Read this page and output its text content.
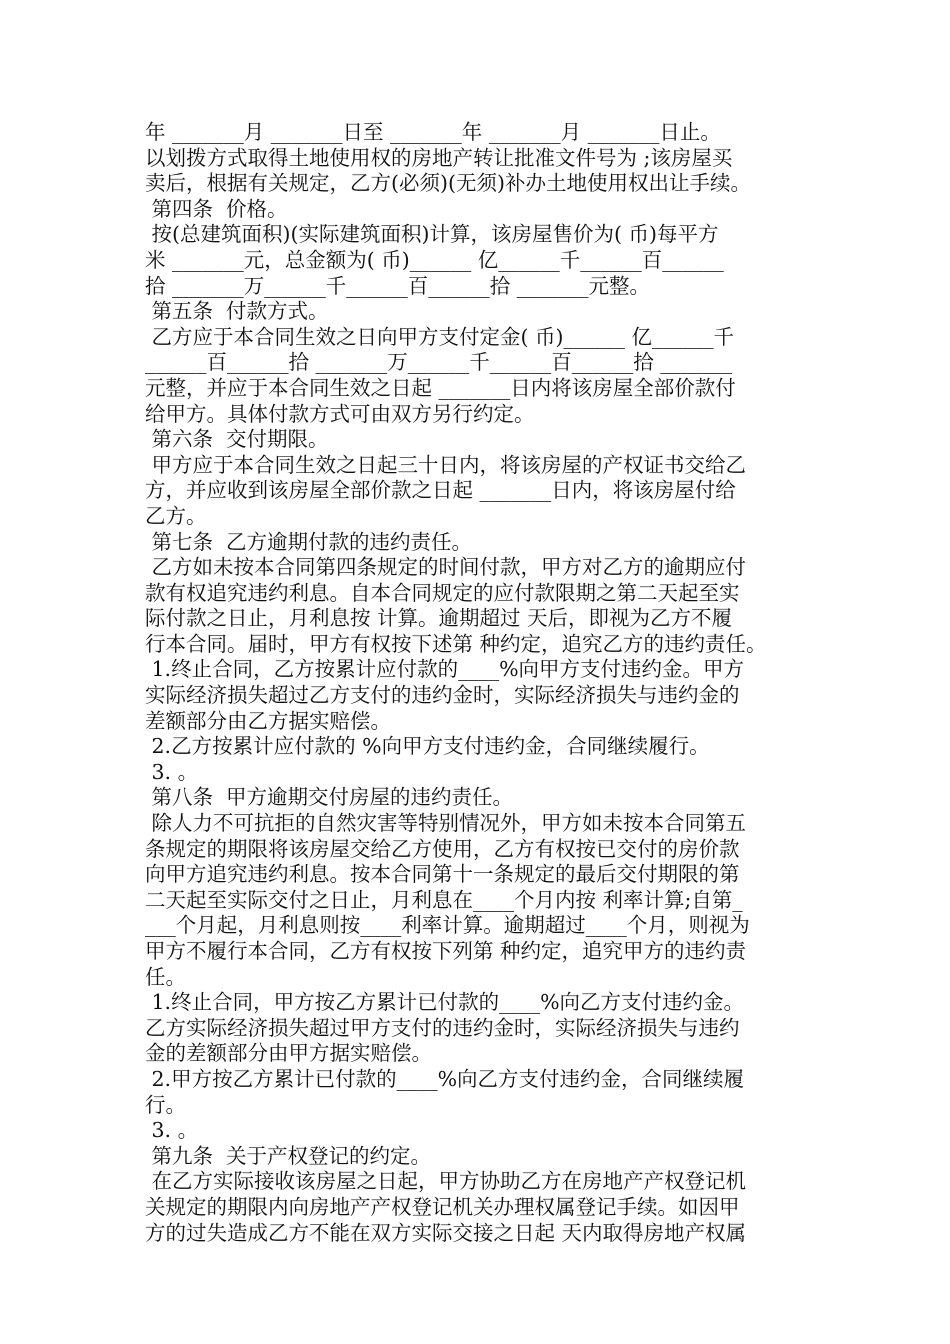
年 _______月 _______日至 _______年 _______月 _______日止。
以划拨方式取得土地使用权的房地产转让批准文件号为 ;该房屋买
卖后，根据有关规定，乙方(必须)(无须)补办土地使用权出让手续。
第四条  价格。
按(总建筑面积)(实际建筑面积)计算，该房屋售价为( 币)每平方
米 _______元，总金额为( 币)______ 亿______千______百______
拾 _______万______千______百______拾 _______元整。
第五条  付款方式。
乙方应于本合同生效之日向甲方支付定金( 币)______ 亿______千
______百______拾 _______万______千______百______拾 _______
元整，并应于本合同生效之日起 _______日内将该房屋全部价款付
给甲方。具体付款方式可由双方另行约定。
第六条  交付期限。
甲方应于本合同生效之日起三十日内，将该房屋的产权证书交给乙
方，并应收到该房屋全部价款之日起 _______日内，将该房屋付给
乙方。
第七条  乙方逾期付款的违约责任。
乙方如未按本合同第四条规定的时间付款，甲方对乙方的逾期应付
款有权追究违约利息。自本合同规定的应付款限期之第二天起至实
际付款之日止，月利息按 计算。逾期超过 天后，即视为乙方不履
行本合同。届时，甲方有权按下述第 种约定，追究乙方的违约责任。
1.终止合同，乙方按累计应付款的____%向甲方支付违约金。甲方
实际经济损失超过乙方支付的违约金时，实际经济损失与违约金的
差额部分由乙方据实赔偿。
2.乙方按累计应付款的 %向甲方支付违约金，合同继续履行。
3. 。
第八条  甲方逾期交付房屋的违约责任。
除人力不可抗拒的自然灾害等特别情况外，甲方如未按本合同第五
条规定的期限将该房屋交给乙方使用，乙方有权按已交付的房价款
向甲方追究违约利息。按本合同第十一条规定的最后交付期限的第
二天起至实际交付之日止，月利息在____个月内按 利率计算;自第_
___个月起，月利息则按____利率计算。逾期超过____个月，则视为
甲方不履行本合同，乙方有权按下列第 种约定，追究甲方的违约责
任。
1.终止合同，甲方按乙方累计已付款的____%向乙方支付违约金。
乙方实际经济损失超过甲方支付的违约金时，实际经济损失与违约
金的差额部分由甲方据实赔偿。
2.甲方按乙方累计已付款的____%向乙方支付违约金，合同继续履
行。
3. 。
第九条  关于产权登记的约定。
在乙方实际接收该房屋之日起，甲方协助乙方在房地产产权登记机
关规定的期限内向房地产产权登记机关办理权属登记手续。如因甲
方的过失造成乙方不能在双方实际交接之日起 天内取得房地产权属
